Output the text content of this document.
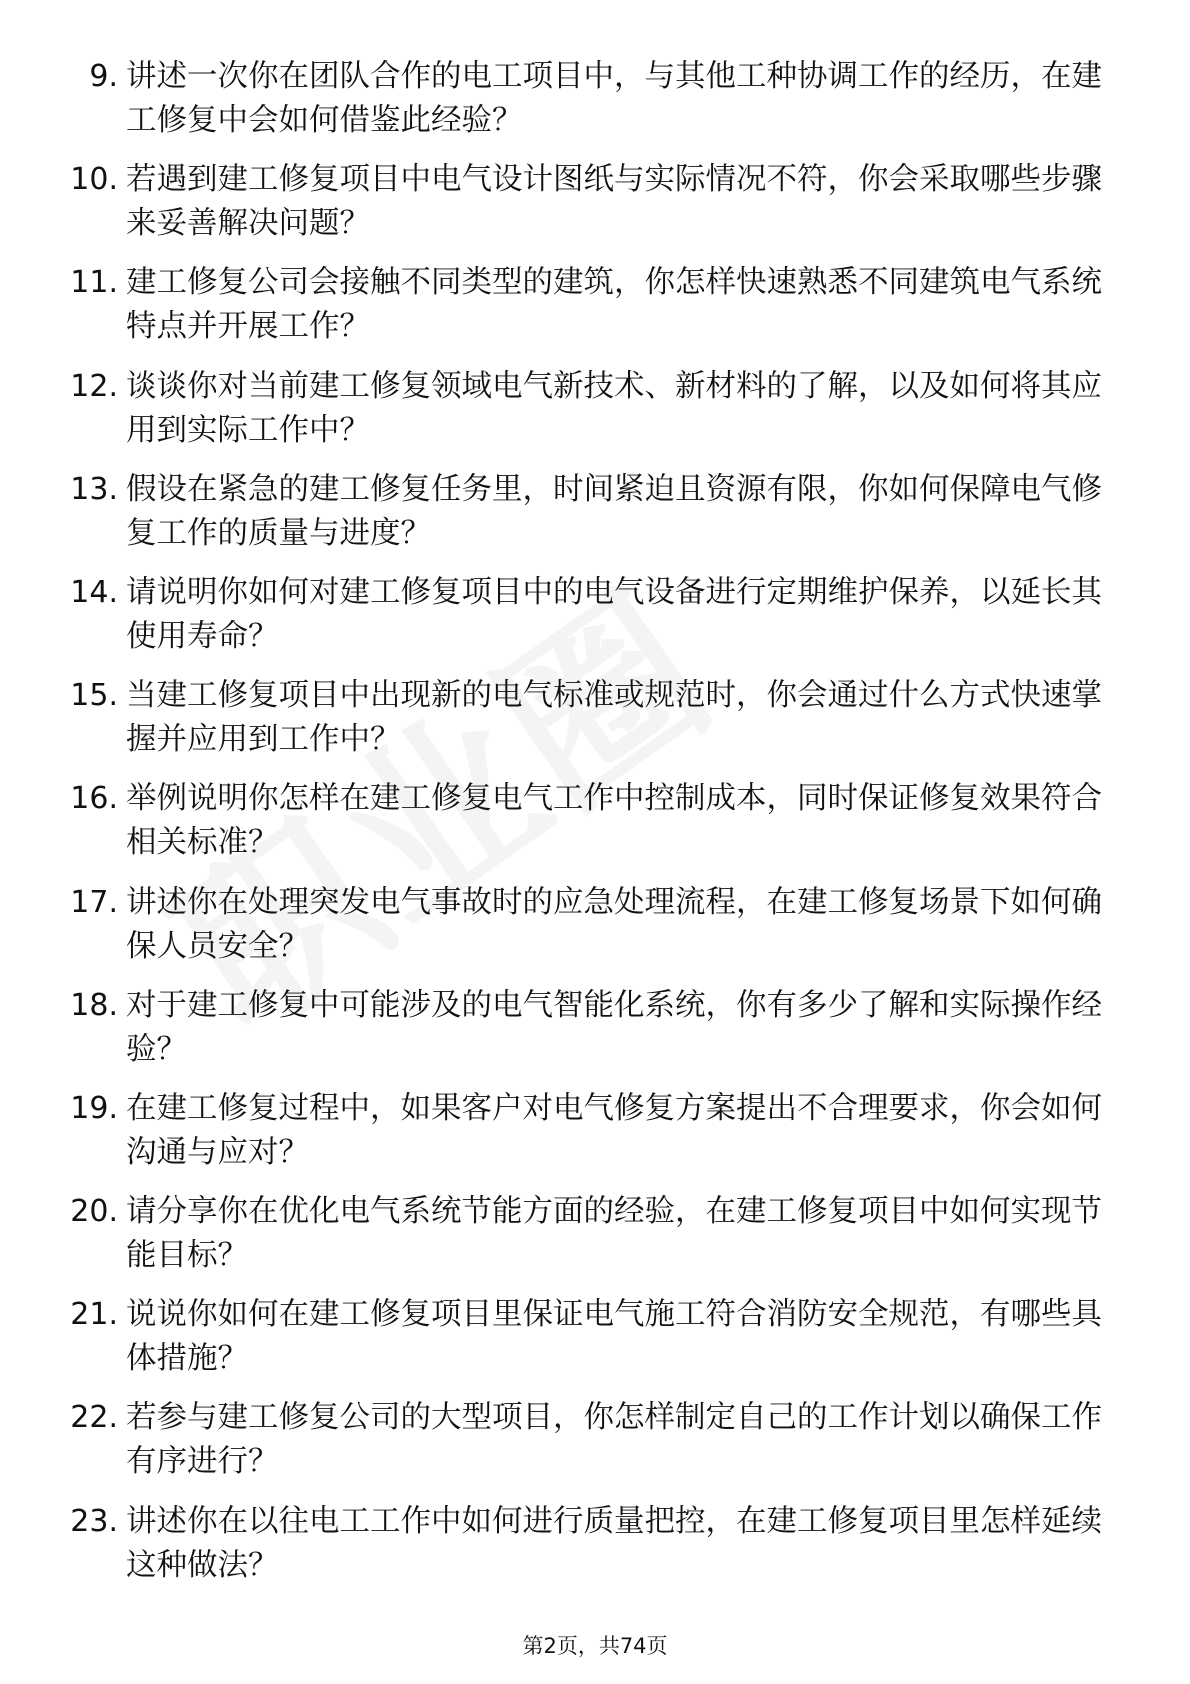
9. 讲述一次你在团队合作的电工项目中，与其他工种协调工作的经历，在建工修复中会如何借鉴此经验？
10. 若遇到建工修复项目中电气设计图纸与实际情况不符，你会采取哪些步骤来妥善解决问题？
11. 建工修复公司会接触不同类型的建筑，你怎样快速熟悉不同建筑电气系统特点并开展工作？
12. 谈谈你对当前建工修复领域电气新技术、新材料的了解，以及如何将其应用到实际工作中？
13. 假设在紧急的建工修复任务里，时间紧迫且资源有限，你如何保障电气修复工作的质量与进度？
14. 请说明你如何对建工修复项目中的电气设备进行定期维护保养，以延长其使用寿命？
15. 当建工修复项目中出现新的电气标准或规范时，你会通过什么方式快速掌握并应用到工作中？
16. 举例说明你怎样在建工修复电气工作中控制成本，同时保证修复效果符合相关标准？
17. 讲述你在处理突发电气事故时的应急处理流程，在建工修复场景下如何确保人员安全？
18. 对于建工修复中可能涉及的电气智能化系统，你有多少了解和实际操作经验？
19. 在建工修复过程中，如果客户对电气修复方案提出不合理要求，你会如何沟通与应对？
20. 请分享你在优化电气系统节能方面的经验，在建工修复项目中如何实现节能目标？
21. 说说你如何在建工修复项目里保证电气施工符合消防安全规范，有哪些具体措施？
22. 若参与建工修复公司的大型项目，你怎样制定自己的工作计划以确保工作有序进行？
23. 讲述你在以往电工工作中如何进行质量把控，在建工修复项目里怎样延续这种做法？
第2页，共74页
